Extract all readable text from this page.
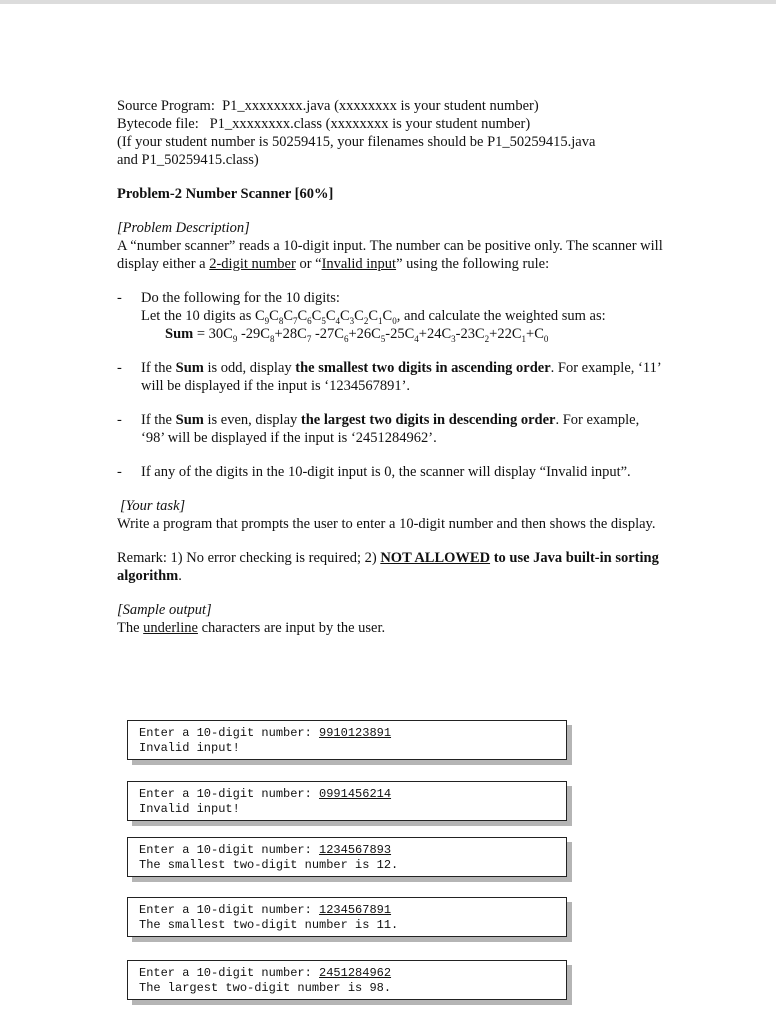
Source Program: P1_xxxxxxxx.java (xxxxxxxx is your student number)

Bytecode file: P1_xxxxxxxx.class (xxxxxxxx is your student number)

(If your student number is 50259415, your filenames should be P1_50259415.java

and P1_50259415.class)

Problem-2 Number Scanner [60%]

[Problem Description]

A “number scanner” reads a 10-digit input. The number can be positive only. The scanner will display either a 2-digit number or “Invalid input” using the following rule:

- Do the following for the 10 digits:

Let the 10 digits as $C_9C_8C_7C_6C_5C_4C_3C_2C_1C_0$, and calculate the weighted sum as:

Sum = $30C_9$ $-29C_8+28C_7$ $-27C_6+26C_5-25C_4+24C_3-23C_2+22C_1+C_0$

- If the Sum is odd, display the smallest two digits in ascending order. For example, ‘11’ will be displayed if the input is ‘1234567891’.

- If the Sum is even, display the largest two digits in descending order. For example, ‘98’ will be displayed if the input is ‘2451284962’.

- If any of the digits in the 10-digit input is 0, the scanner will display “Invalid input”.

[Your task]

Write a program that prompts the user to enter a 10-digit number and then shows the display.

Remark: 1) No error checking is required; 2) NOT ALLOWED to use Java built-in sorting algorithm.

[Sample output]

The underline characters are input by the user.

Enter a 10-digit number: 9910123891
Invalid input!
Enter a 10-digit number: 0991456214
Invalid input!
Enter a 10-digit number: 1234567893
The smallest two-digit number is 12.
Enter a 10-digit number: 1234567891
The smallest two-digit number is 11.
Enter a 10-digit number: 2451284962
The largest two-digit number is 98.
